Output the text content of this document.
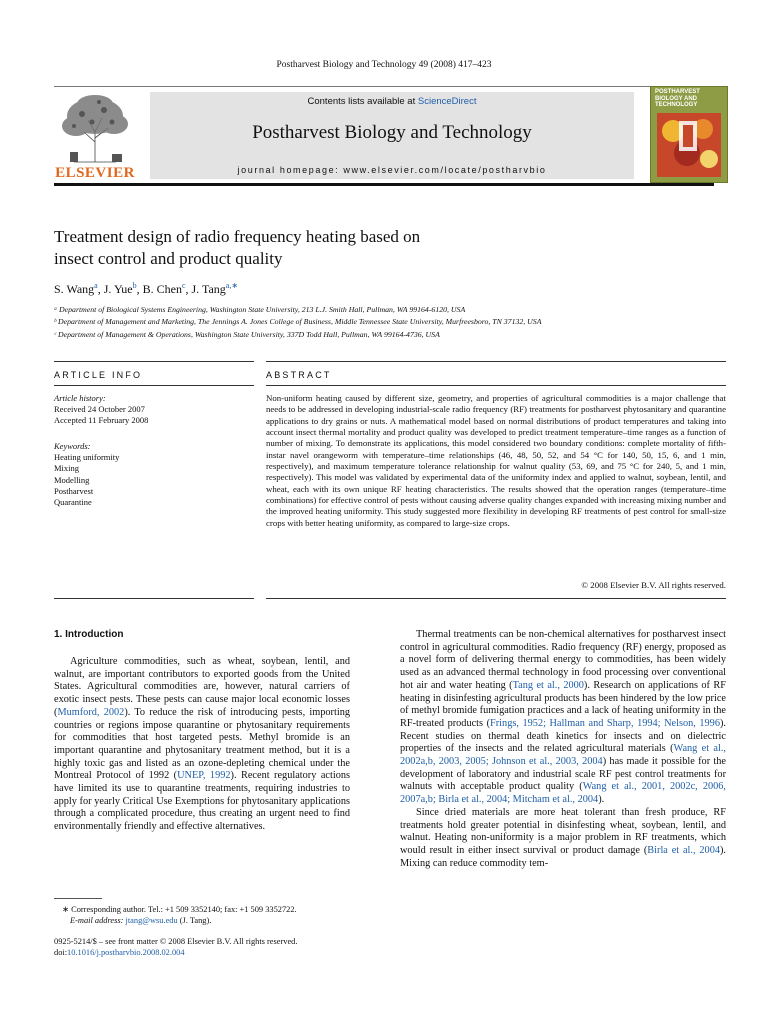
Postharvest Biology and Technology 49 (2008) 417–423
ELSEVIER
Contents lists available at ScienceDirect
Postharvest Biology and Technology
journal homepage: www.elsevier.com/locate/postharvbio
POSTHARVEST BIOLOGY AND TECHNOLOGY
Treatment design of radio frequency heating based on
insect control and product quality
S. Wang$^a$, J. Yue$^b$, B. Chen$^c$, J. Tang$^{a,∗}$
ᵃ Department of Biological Systems Engineering, Washington State University, 213 L.J. Smith Hall, Pullman, WA 99164-6120, USA
ᵇ Department of Management and Marketing, The Jennings A. Jones College of Business, Middle Tennessee State University, Murfreesboro, TN 37132, USA
ᶜ Department of Management & Operations, Washington State University, 337D Todd Hall, Pullman, WA 99164-4736, USA
ARTICLE INFO	ABSTRACT
Article history:
Received 24 October 2007
Accepted 11 February 2008
Keywords:
Heating uniformity
Mixing
Modelling
Postharvest
Quarantine
Non-uniform heating caused by different size, geometry, and properties of agricultural commodities is a major challenge that needs to be addressed in developing industrial-scale radio frequency (RF) treatments for postharvest phytosanitary and quarantine applications to dry grains or nuts. A mathematical model based on normal distributions of product temperatures and taking into account insect thermal mortality and product quality was developed to predict treatment temperature–time ranges as a function of number of mixing. To demonstrate its applications, this model considered two boundary conditions: complete mortality of fifth-instar navel orangeworm with temperature–time relationships (46, 48, 50, 52, and 54 °C for 140, 50, 15, 6, and 1 min, respectively), and maximum temperature tolerance relationship for walnut quality (53, 69, and 75 °C for 240, 5, and 1 min, respectively). This model was validated by experimental data of the uniformity index and applied to walnut, soybean, lentil, and wheat, each with its own unique RF heating characteristics. The results showed that the operation ranges (temperature–time combinations) for effective control of pests without causing adverse quality changes expanded with increasing mixing number and the improved heating uniformity. This study suggested more flexibility in developing RF treatments of pest control for small-size crops with better heating uniformity, as compared to large-size crops.
© 2008 Elsevier B.V. All rights reserved.
1. Introduction

Agriculture commodities, such as wheat, soybean, lentil, and walnut, are important contributors to exported goods from the United States. Agricultural commodities are, however, natural carriers of exotic insect pests. These pests can cause major local economic losses (Mumford, 2002). To reduce the risk of introducing pests, importing countries or regions impose quarantine or phytosanitary requirements for commodities that host targeted pests. Methyl bromide is an important quarantine and phytosanitary treatment method, but it is a highly toxic gas and listed as an ozone-depleting chemical under the Montreal Protocol of 1992 (UNEP, 1992). Recent regulatory actions have limited its use to quarantine treatments, requiring industries to apply for yearly Critical Use Exemptions for phytosanitary applications through a complicated procedure, thus creating an urgent need to find environmentally friendly and effective alternatives.

Thermal treatments can be non-chemical alternatives for postharvest insect control in agricultural commodities. Radio frequency (RF) energy, proposed as a novel form of delivering thermal energy to commodities, has been widely used as an advanced thermal technology in food processing over conventional hot air and water heating (Tang et al., 2000). Research on applications of RF heating in disinfesting agricultural products has been hindered by the low price of methyl bromide fumigation practices and a lack of heating uniformity in the RF-treated products (Frings, 1952; Hallman and Sharp, 1994; Nelson, 1996). Recent studies on thermal death kinetics for insects and on dielectric properties of the insects and the related agricultural materials (Wang et al., 2002a,b, 2003, 2005; Johnson et al., 2003, 2004) has made it possible for the development of laboratory and industrial scale RF pest control treatments for walnuts with acceptable product quality (Wang et al., 2001, 2002c, 2006, 2007a,b; Birla et al., 2004; Mitcham et al., 2004).

Since dried materials are more heat tolerant than fresh produce, RF treatments hold greater potential in disinfesting wheat, soybean, lentil, and walnut. Heating non-uniformity is a major problem in RF treatments, which would result in either insect survival or product damage (Birla et al., 2004). Mixing can reduce commodity tem-

∗ Corresponding author. Tel.: +1 509 3352140; fax: +1 509 3352722.
E-mail address: jtang@wsu.edu (J. Tang).
0925-5214/$ – see front matter © 2008 Elsevier B.V. All rights reserved.
doi:10.1016/j.postharvbio.2008.02.004
